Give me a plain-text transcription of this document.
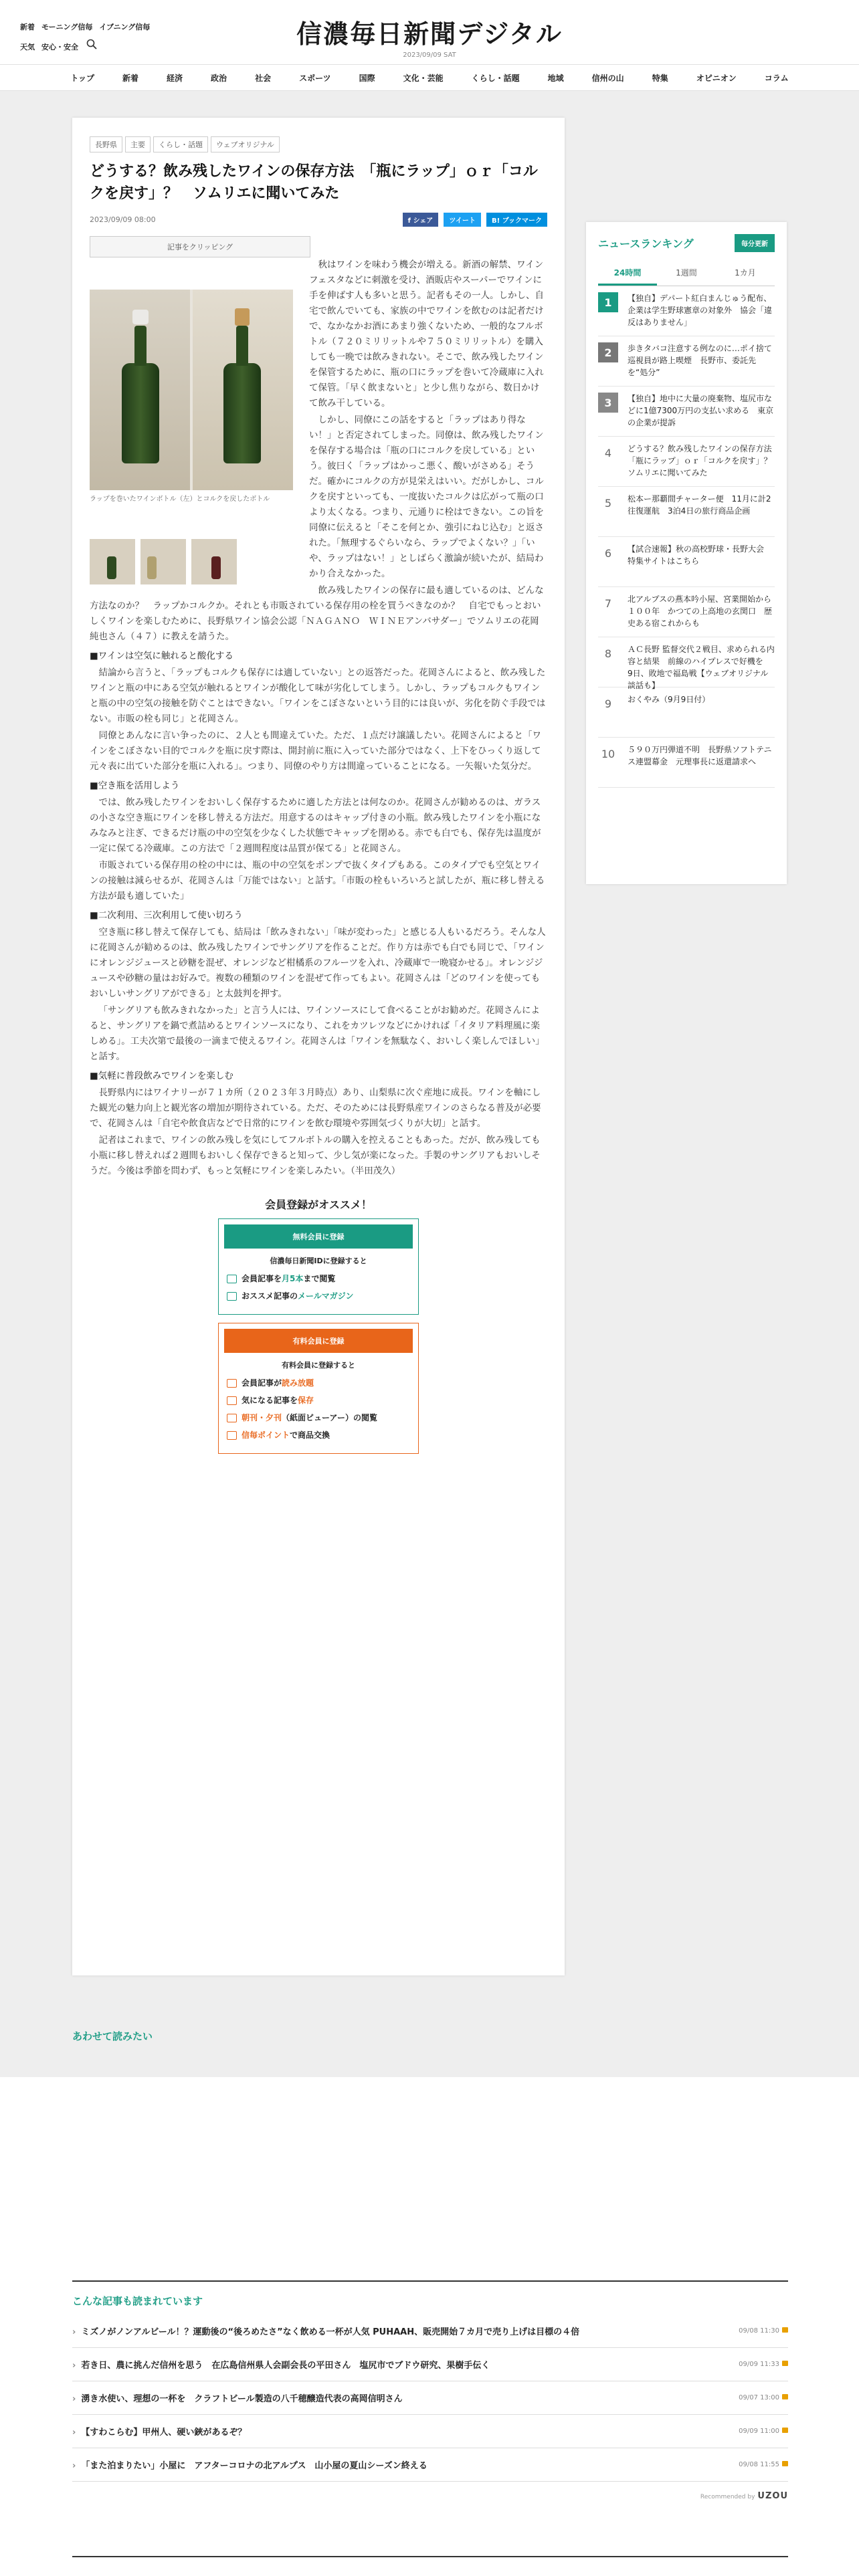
新着 モーニング信毎 イブニング信毎
天気 安心・安全	信濃毎日新聞デジタル
2023/09/09 SAT
トップ	新着	経済	政治	社会	スポーツ	国際	文化・芸能	くらし・話題	地域	信州の山	特集	オピニオン	コラム
長野県 主要 くらし・話題 ウェブオリジナル
どうする？飲み残したワインの保存方法　「瓶にラップ」ｏｒ「コルクを戻す」？　ソムリエに聞いてみた
2023/09/09 08:00	f シェア ツイート B! ブックマーク
記事をクリッピング
ラップを巻いたワインボトル（左）とコルクを戻したボトル

秋はワインを味わう機会が増える。新酒の解禁、ワインフェスタなどに刺激を受け、酒販店やスーパーでワインに手を伸ばす人も多いと思う。記者もその一人。しかし、自宅で飲んでいても、家族の中でワインを飲むのは記者だけで、なかなかお酒にあまり強くないため、一般的なフルボトル（７２０ミリリットルや７５０ミリリットル）を購入しても一晩では飲みきれない。そこで、飲み残したワインを保管するために、瓶の口にラップを巻いて冷蔵庫に入れて保管。「早く飲まないと」と少し焦りながら、数日かけて飲み干している。

しかし、同僚にこの話をすると「ラップはあり得ない！」と否定されてしまった。同僚は、飲み残したワインを保存する場合は「瓶の口にコルクを戻している」という。彼曰く「ラップはかっこ悪く、酸いがさめる」そうだ。確かにコルクの方が見栄えはいい。だがしかし、コルクを戻すといっても、一度抜いたコルクは広がって瓶の口より太くなる。つまり、元通りに栓はできない。この旨を同僚に伝えると「そこを何とか、強引にねじ込む」と返された。「無理するぐらいなら、ラップでよくない？」「いや、ラップはない！」としばらく激論が続いたが、結局わかり合えなかった。

飲み残したワインの保存に最も適しているのは、どんな方法なのか？　ラップかコルクか。それとも市販されている保存用の栓を買うべきなのか？　自宅でもっとおいしくワインを楽しむために、長野県ワイン協会公認「ＮＡＧＡＮＯ　ＷＩＮＥアンバサダー」でソムリエの花岡純也さん（４７）に教えを請うた。

■ワインは空気に触れると酸化する

結論から言うと、「ラップもコルクも保存には適していない」との返答だった。花岡さんによると、飲み残したワインと瓶の中にある空気が触れるとワインが酸化して味が劣化してしまう。しかし、ラップもコルクもワインと瓶の中の空気の接触を防ぐことはできない。「ワインをこぼさないという目的には良いが、劣化を防ぐ手段ではない。市販の栓も同じ」と花岡さん。

同僚とあんなに言い争ったのに、２人とも間違えていた。ただ、１点だけ譲議したい。花岡さんによると「ワインをこぼさない目的でコルクを瓶に戻す際は、開封前に瓶に入っていた部分ではなく、上下をひっくり返して元々表に出ていた部分を瓶に入れる」。つまり、同僚のやり方は間違っていることになる。一矢報いた気分だ。

■空き瓶を活用しよう

では、飲み残したワインをおいしく保存するために適した方法とは何なのか。花岡さんが勧めるのは、ガラスの小さな空き瓶にワインを移し替える方法だ。用意するのはキャップ付きの小瓶。飲み残したワインを小瓶になみなみと注ぎ、できるだけ瓶の中の空気を少なくした状態でキャップを閉める。赤でも白でも、保存先は温度が一定に保てる冷蔵庫。この方法で「２週間程度は品質が保てる」と花岡さん。

市販されている保存用の栓の中には、瓶の中の空気をポンプで抜くタイプもある。このタイプでも空気とワインの接触は減らせるが、花岡さんは「万能ではない」と話す。「市販の栓もいろいろと試したが、瓶に移し替える方法が最も適していた」

■二次利用、三次利用して使い切ろう

空き瓶に移し替えて保存しても、結局は「飲みきれない」「味が変わった」と感じる人もいるだろう。そんな人に花岡さんが勧めるのは、飲み残したワインでサングリアを作ることだ。作り方は赤でも白でも同じで、「ワインにオレンジジュースと砂糖を混ぜ、オレンジなど柑橘系のフルーツを入れ、冷蔵庫で一晩寝かせる」。オレンジジュースや砂糖の量はお好みで。複数の種類のワインを混ぜて作ってもよい。花岡さんは「どのワインを使ってもおいしいサングリアができる」と太鼓判を押す。

「サングリアも飲みきれなかった」と言う人には、ワインソースにして食べることがお勧めだ。花岡さんによると、サングリアを鍋で煮詰めるとワインソースになり、これをカツレツなどにかければ「イタリア料理風に楽しめる」。工夫次第で最後の一滴まで使えるワイン。花岡さんは「ワインを無駄なく、おいしく楽しんでほしい」と話す。

■気軽に普段飲みでワインを楽しむ

長野県内にはワイナリーが７１カ所（２０２３年３月時点）あり、山梨県に次ぐ産地に成長。ワインを軸にした観光の魅力向上と観光客の増加が期待されている。ただ、そのためには長野県産ワインのさらなる普及が必要で、花岡さんは「自宅や飲食店などで日常的にワインを飲む環境や雰囲気づくりが大切」と話す。

記者はこれまで、ワインの飲み残しを気にしてフルボトルの購入を控えることもあった。だが、飲み残しても小瓶に移し替えれば２週間もおいしく保存できると知って、少し気が楽になった。手製のサングリアもおいしそうだ。今後は季節を問わず、もっと気軽にワインを楽しみたい。（半田茂久）

会員登録がオススメ！
無料会員に登録
信濃毎日新聞IDに登録すると
会員記事を月5本まで閲覧
おススメ記事のメールマガジン
有料会員に登録
有料会員に登録すると
会員記事が読み放題
気になる記事を保存
朝刊・夕刊（紙面ビューアー）の閲覧
信毎ポイントで商品交換
ニュースランキング	毎分更新
24時間	1週間	1カ月
1	【独自】デパート紅白まんじゅう配布、企業は学生野球憲章の対象外　協会「違反はありません」
2	歩きタバコ注意する例なのに…ポイ捨て巡視員が路上喫煙　長野市、委託先を“処分”
3	【独自】地中に大量の廃棄物、塩尻市などに1億7300万円の支払い求める　東京の企業が提訴
4	どうする？飲み残したワインの保存方法　「瓶にラップ」ｏｒ「コルクを戻す」？　ソムリエに聞いてみた
5	松本ー那覇間チャーター便　11月に計2往復運航　3泊4日の旅行商品企画
6	【試合速報】秋の高校野球・長野大会　特集サイトはこちら
7	北アルプスの燕本吟小屋、宮業開始から１００年　かつての上高地の玄関口　歴史ある宿これからも
8	ＡＣ長野 監督交代２戦目、求められる内容と結果　前線のハイプレスで好機を　9日、敗地で福島戦【ウェブオリジナル談話も】
9	おくやみ（9月9日付）
10	５９０万円弾道不明　長野県ソフトテニス連盟幕金　元理事長に返還請求へ
あわせて読みたい
こんな記事も読まれています
› ミズノがノンアルビール！？運動後の“後ろめたさ”なく飲める一杯が人気 PUHAAH、販売開始７カ月で売り上げは目標の４倍	09/08 11:30
› 若き日、農に挑んだ信州を思う　在広島信州県人会副会長の平田さん　塩尻市でブドウ研究、果樹手伝く	09/09 11:33
› 湧き水使い、理想の一杯を　クラフトビール製造の八千穂醸造代表の高岡信明さん	09/07 13:00
› 【すわこらむ】甲州人、硬い鋏があるぞ？	09/09 11:00
› 「また泊まりたい」小屋に　アフターコロナの北アルプス　山小屋の夏山シーズン終える	09/08 11:55
Recommended by UZOU
